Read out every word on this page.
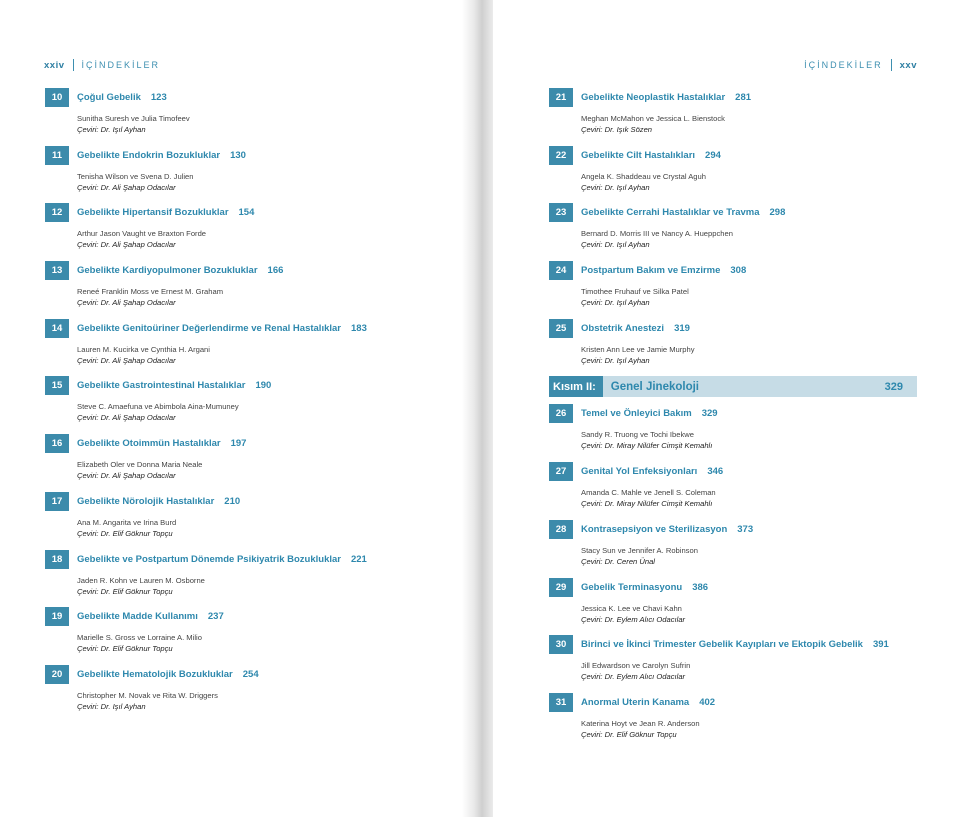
xxiv İÇİNDEKİLER
10	Çoğul Gebelik 123
Sunitha Suresh ve Julia Timofeev
Çeviri: Dr. Işıl Ayhan
11	Gebelikte Endokrin Bozukluklar 130
Tenisha Wilson ve Svena D. Julien
Çeviri: Dr. Ali Şahap Odacılar
12	Gebelikte Hipertansif Bozukluklar 154
Arthur Jason Vaught ve Braxton Forde
Çeviri: Dr. Ali Şahap Odacılar
13	Gebelikte Kardiyopulmoner Bozukluklar 166
Reneé Franklin Moss ve Ernest M. Graham
Çeviri: Dr. Ali Şahap Odacılar
14	Gebelikte Genitoüriner Değerlendirme ve Renal Hastalıklar 183
Lauren M. Kucirka ve Cynthia H. Argani
Çeviri: Dr. Ali Şahap Odacılar
15	Gebelikte Gastrointestinal Hastalıklar 190
Steve C. Amaefuna ve Abimbola Aina-Mumuney
Çeviri: Dr. Ali Şahap Odacılar
16	Gebelikte Otoimmün Hastalıklar 197
Elizabeth Oler ve Donna Maria Neale
Çeviri: Dr. Ali Şahap Odacılar
17	Gebelikte Nörolojik Hastalıklar 210
Ana M. Angarita ve Irina Burd
Çeviri: Dr. Elif Göknur Topçu
18	Gebelikte ve Postpartum Dönemde Psikiyatrik Bozukluklar 221
Jaden R. Kohn ve Lauren M. Osborne
Çeviri: Dr. Elif Göknur Topçu
19	Gebelikte Madde Kullanımı 237
Marielle S. Gross ve Lorraine A. Milio
Çeviri: Dr. Elif Göknur Topçu
20	Gebelikte Hematolojik Bozukluklar 254
Christopher M. Novak ve Rita W. Driggers
Çeviri: Dr. Işıl Ayhan
İÇİNDEKİLER xxv
21	Gebelikte Neoplastik Hastalıklar 281
Meghan McMahon ve Jessica L. Bienstock
Çeviri: Dr. Işık Sözen
22	Gebelikte Cilt Hastalıkları 294
Angela K. Shaddeau ve Crystal Aguh
Çeviri: Dr. Işıl Ayhan
23	Gebelikte Cerrahi Hastalıklar ve Travma 298
Bernard D. Morris III ve Nancy A. Hueppchen
Çeviri: Dr. Işıl Ayhan
24	Postpartum Bakım ve Emzirme 308
Timothee Fruhauf ve Silka Patel
Çeviri: Dr. Işıl Ayhan
25	Obstetrik Anestezi 319
Kristen Ann Lee ve Jamie Murphy
Çeviri: Dr. Işıl Ayhan
Kısım II:	Genel Jinekoloji	329
26	Temel ve Önleyici Bakım 329
Sandy R. Truong ve Tochi Ibekwe
Çeviri: Dr. Miray Nilüfer Cimşit Kemahlı
27	Genital Yol Enfeksiyonları 346
Amanda C. Mahle ve Jenell S. Coleman
Çeviri: Dr. Miray Nilüfer Cimşit Kemahlı
28	Kontrasepsiyon ve Sterilizasyon 373
Stacy Sun ve Jennifer A. Robinson
Çeviri: Dr. Ceren Ünal
29	Gebelik Terminasyonu 386
Jessica K. Lee ve Chavi Kahn
Çeviri: Dr. Eylem Alıcı Odacılar
30	Birinci ve İkinci Trimester Gebelik Kayıpları ve Ektopik Gebelik 391
Jill Edwardson ve Carolyn Sufrin
Çeviri: Dr. Eylem Alıcı Odacılar
31	Anormal Uterin Kanama 402
Katerina Hoyt ve Jean R. Anderson
Çeviri: Dr. Elif Göknur Topçu
